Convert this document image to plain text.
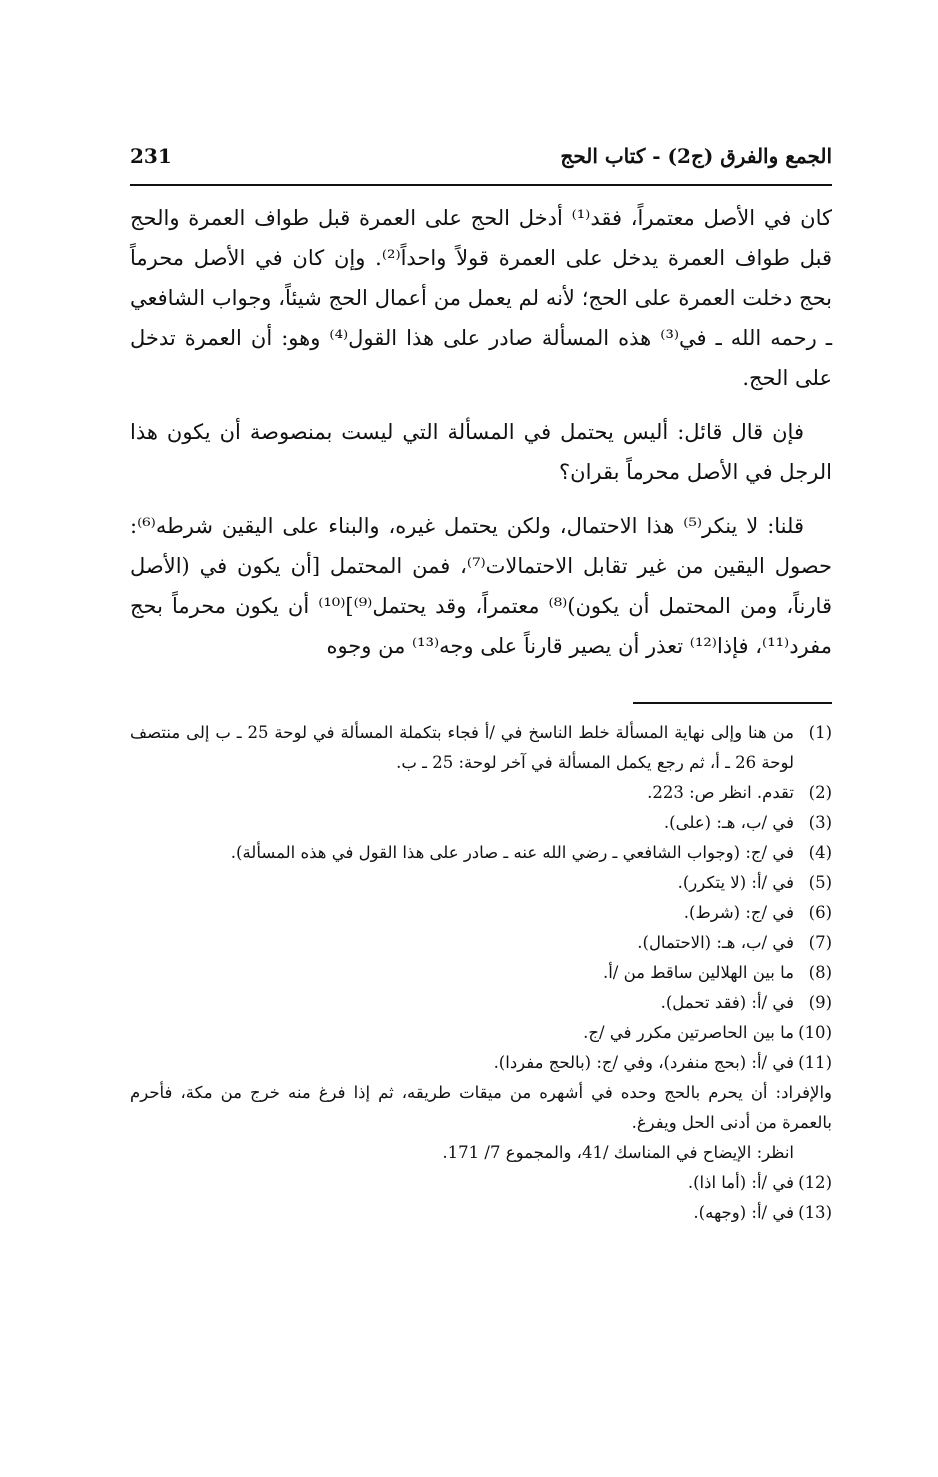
الجمع والفرق (ج2) - كتاب الحج
231

كان في الأصل معتمراً، فقد⁽¹⁾ أدخل الحج على العمرة قبل طواف العمرة والحج قبل طواف العمرة يدخل على العمرة قولاً واحداً⁽²⁾. وإن كان في الأصل محرماً بحج دخلت العمرة على الحج؛ لأنه لم يعمل من أعمال الحج شيئاً، وجواب الشافعي ـ رحمه الله ـ في⁽³⁾ هذه المسألة صادر على هذا القول⁽⁴⁾ وهو: أن العمرة تدخل على الحج.

فإن قال قائل: أليس يحتمل في المسألة التي ليست بمنصوصة أن يكون هذا الرجل في الأصل محرماً بقران؟

قلنا: لا ينكر⁽⁵⁾ هذا الاحتمال، ولكن يحتمل غيره، والبناء على اليقين شرطه⁽⁶⁾: حصول اليقين من غير تقابل الاحتمالات⁽⁷⁾، فمن المحتمل [أن يكون في (الأصل قارناً، ومن المحتمل أن يكون)⁽⁸⁾ معتمراً، وقد يحتمل⁽⁹⁾]⁽¹⁰⁾ أن يكون محرماً بحج مفرد⁽¹¹⁾، فإذا⁽¹²⁾ تعذر أن يصير قارناً على وجه⁽¹³⁾ من وجوه

(1)
من هنا وإلى نهاية المسألة خلط الناسخ في /أ فجاء بتكملة المسألة في لوحة 25 ـ ب إلى منتصف لوحة 26 ـ أ، ثم رجع يكمل المسألة في آخر لوحة: 25 ـ ب.
(2)
تقدم. انظر ص: 223.
(3)
في /ب، هـ: (على).
(4)
في /ج: (وجواب الشافعي ـ رضي الله عنه ـ صادر على هذا القول في هذه المسألة).
(5)
في /أ: (لا يتكرر).
(6)
في /ج: (شرط).
(7)
في /ب، هـ: (الاحتمال).
(8)
ما بين الهلالين ساقط من /أ.
(9)
في /أ: (فقد تحمل).
(10)
ما بين الحاصرتين مكرر في /ج.
(11)
في /أ: (بحج منفرد)، وفي /ج: (بالحج مفردا).
والإفراد: أن يحرم بالحج وحده في أشهره من ميقات طريقه، ثم إذا فرغ منه خرج من مكة، فأحرم بالعمرة من أدنى الحل ويفرغ.
انظر: الإيضاح في المناسك /41، والمجموع 7/ 171.
(12)
في /أ: (أما اذا).
(13)
في /أ: (وجهه).
